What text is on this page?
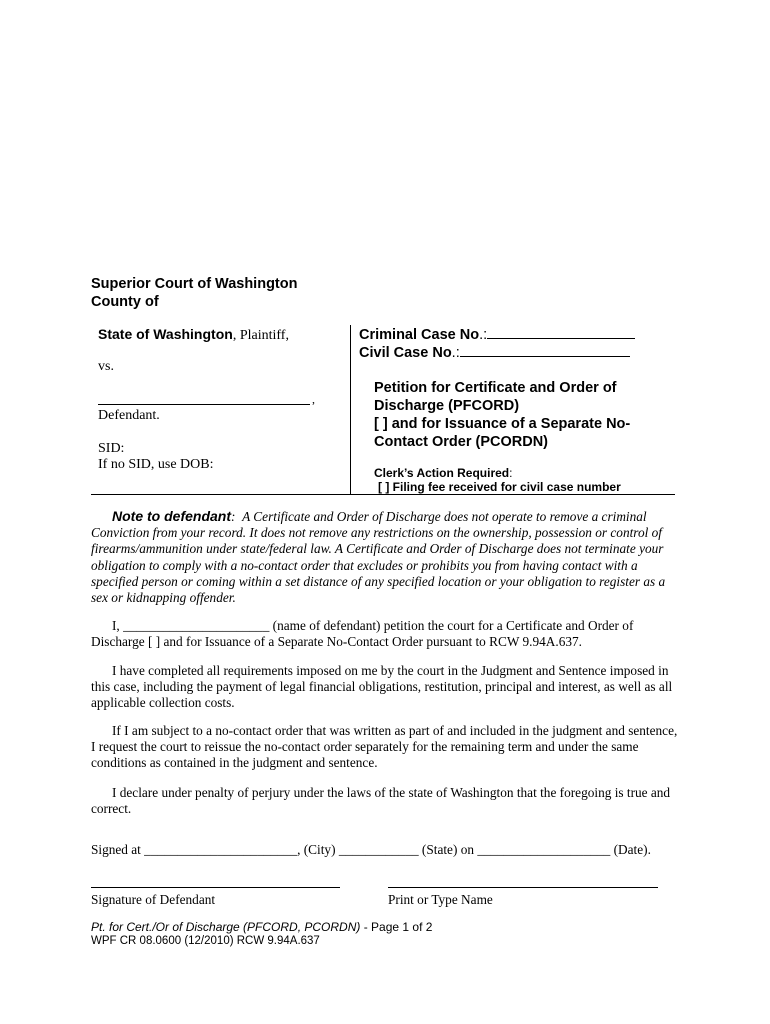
Superior Court of Washington
County of
State of Washington, Plaintiff,
vs.
,
Defendant.
SID:
If no SID, use DOB:
Criminal Case No.:
Civil Case No.:
Petition for Certificate and Order of
Discharge (PFCORD)
[ ] and for Issuance of a Separate No-
Contact Order (PCORDN)
Clerk’s Action Required:
[ ] Filing fee received for civil case number

Note to defendant: A Certificate and Order of Discharge does not operate to remove a criminal Conviction from your record. It does not remove any restrictions on the ownership, possession or control of firearms/ammunition under state/federal law. A Certificate and Order of Discharge does not terminate your obligation to comply with a no-contact order that excludes or prohibits you from having contact with a specified person or coming within a set distance of any specified location or your obligation to register as a sex or kidnapping offender.

I, ______________________ (name of defendant) petition the court for a Certificate and Order of Discharge [ ] and for Issuance of a Separate No-Contact Order pursuant to RCW 9.94A.637.

I have completed all requirements imposed on me by the court in the Judgment and Sentence imposed in this case, including the payment of legal financial obligations, restitution, principal and interest, as well as all applicable collection costs.

If I am subject to a no-contact order that was written as part of and included in the judgment and sentence, I request the court to reissue the no-contact order separately for the remaining term and under the same conditions as contained in the judgment and sentence.

I declare under penalty of perjury under the laws of the state of Washington that the foregoing is true and correct.

Signed at _______________________, (City) ____________ (State) on ____________________ (Date).
Signature of Defendant	Print or Type Name
Pt. for Cert./Or of Discharge (PFCORD, PCORDN) - Page 1 of 2
WPF CR 08.0600 (12/2010) RCW 9.94A.637
